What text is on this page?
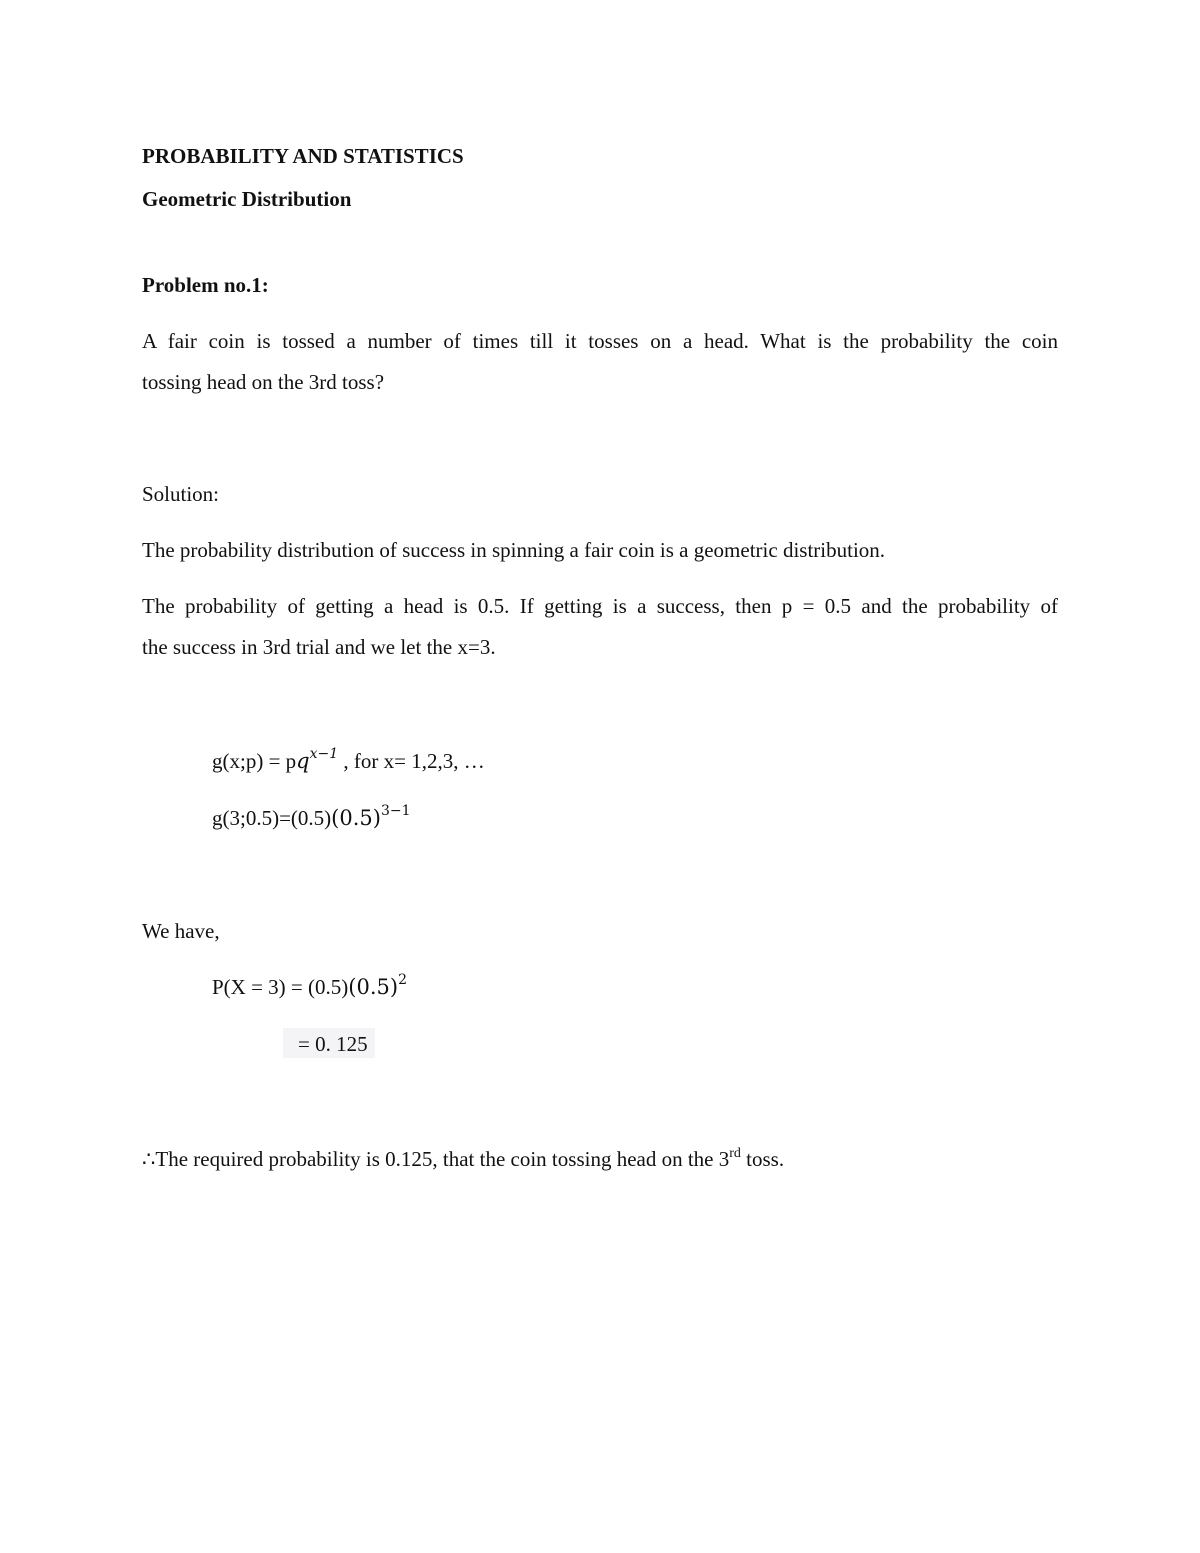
PROBABILITY AND STATISTICS
Geometric Distribution
Problem no.1:
A fair coin is tossed a number of times till it tosses on a head. What is the probability the coin
tossing head on the 3rd toss?
Solution:
The probability distribution of success in spinning a fair coin is a geometric distribution.
The probability of getting a head is 0.5. If getting is a success, then p = 0.5 and the probability of
the success in 3rd trial and we let the x=3.
g(x;p) = $pq^{x-1}$ , for x= 1,2,3, …
$g(3;0.5)=(0.5)(0.5)^{3-1}$
We have,
$P(X = 3) = (0.5)(0.5)^2$
= 0. 125
∴The required probability is 0.125, that the coin tossing head on the 3rd toss.
